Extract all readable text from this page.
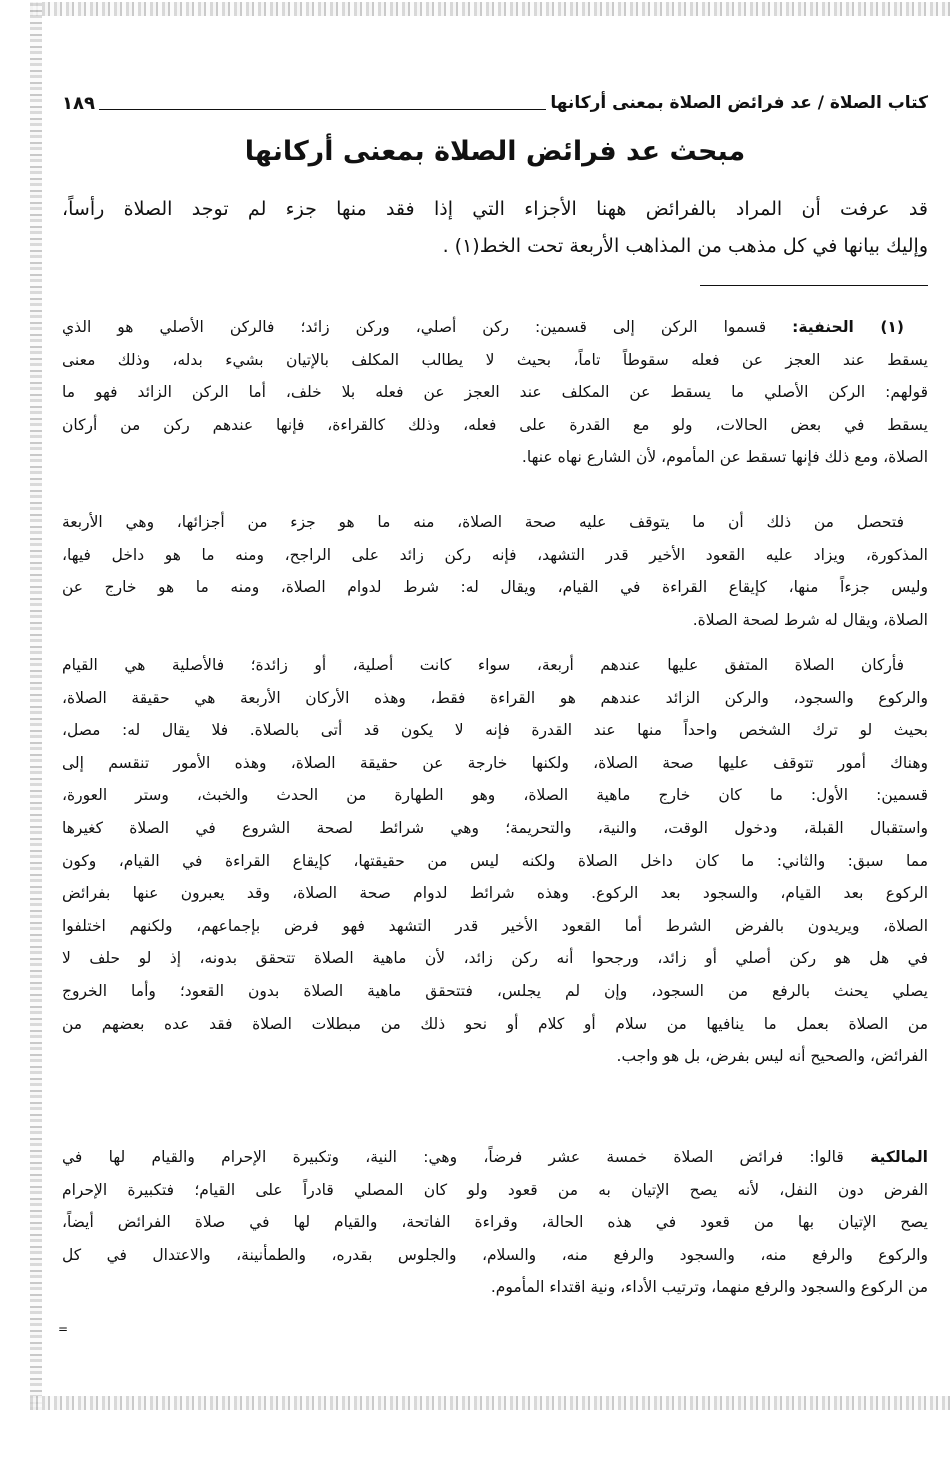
كتاب الصلاة / عد فرائض الصلاة بمعنى أركانها
١٨٩
مبحث عد فرائض الصلاة بمعنى أركانها
قد عرفت أن المراد بالفرائض ههنا الأجزاء التي إذا فقد منها جزء لم توجد الصلاة رأساً،
وإليك بيانها في كل مذهب من المذاهب الأربعة تحت الخط(١) .
(١) الحنفية: قسموا الركن إلى قسمين: ركن أصلي، وركن زائد؛ فالركن الأصلي هو الذي
يسقط عند العجز عن فعله سقوطاً تاماً، بحيث لا يطالب المكلف بالإتيان بشيء بدله، وذلك معنى
قولهم: الركن الأصلي ما يسقط عن المكلف عند العجز عن فعله بلا خلف، أما الركن الزائد فهو ما
يسقط في بعض الحالات، ولو مع القدرة على فعله، وذلك كالقراءة، فإنها عندهم ركن من أركان
الصلاة، ومع ذلك فإنها تسقط عن المأموم، لأن الشارع نهاه عنها.
فتحصل من ذلك أن ما يتوقف عليه صحة الصلاة، منه ما هو جزء من أجزائها، وهي الأربعة
المذكورة، ويزاد عليه القعود الأخير قدر التشهد، فإنه ركن زائد على الراجح، ومنه ما هو داخل فيها،
وليس جزءاً منها، كإيقاع القراءة في القيام، ويقال له: شرط لدوام الصلاة، ومنه ما هو خارج عن
الصلاة، ويقال له شرط لصحة الصلاة.
فأركان الصلاة المتفق عليها عندهم أربعة، سواء كانت أصلية، أو زائدة؛ فالأصلية هي القيام
والركوع والسجود، والركن الزائد عندهم هو القراءة فقط، وهذه الأركان الأربعة هي حقيقة الصلاة،
بحيث لو ترك الشخص واحداً منها عند القدرة فإنه لا يكون قد أتى بالصلاة. فلا يقال له: مصل،
وهناك أمور تتوقف عليها صحة الصلاة، ولكنها خارجة عن حقيقة الصلاة، وهذه الأمور تنقسم إلى
قسمين: الأول: ما كان خارج ماهية الصلاة، وهو الطهارة من الحدث والخبث، وستر العورة،
واستقبال القبلة، ودخول الوقت، والنية، والتحريمة؛ وهي شرائط لصحة الشروع في الصلاة كغيرها
مما سبق: والثاني: ما كان داخل الصلاة ولكنه ليس من حقيقتها، كإيقاع القراءة في القيام، وكون
الركوع بعد القيام، والسجود بعد الركوع. وهذه شرائط لدوام صحة الصلاة، وقد يعبرون عنها بفرائض
الصلاة، ويريدون بالفرض الشرط أما القعود الأخير قدر التشهد فهو فرض بإجماعهم، ولكنهم اختلفوا
في هل هو ركن أصلي أو زائد، ورجحوا أنه ركن زائد، لأن ماهية الصلاة تتحقق بدونه، إذ لو حلف لا
يصلي يحنث بالرفع من السجود، وإن لم يجلس، فتتحقق ماهية الصلاة بدون القعود؛ وأما الخروج
من الصلاة بعمل ما ينافيها من سلام أو كلام أو نحو ذلك من مبطلات الصلاة فقد عده بعضهم من
الفرائض، والصحيح أنه ليس بفرض، بل هو واجب.
المالكية قالوا: فرائض الصلاة خمسة عشر فرضاً، وهي: النية، وتكبيرة الإحرام والقيام لها في
الفرض دون النفل، لأنه يصح الإتيان به من قعود ولو كان المصلي قادراً على القيام؛ فتكبيرة الإحرام
يصح الإتيان بها من قعود في هذه الحالة، وقراءة الفاتحة، والقيام لها في صلاة الفرائض أيضاً،
والركوع والرفع منه، والسجود والرفع منه، والسلام، والجلوس بقدره، والطمأنينة، والاعتدال في كل
من الركوع والسجود والرفع منهما، وترتيب الأداء، ونية اقتداء المأموم.
=
